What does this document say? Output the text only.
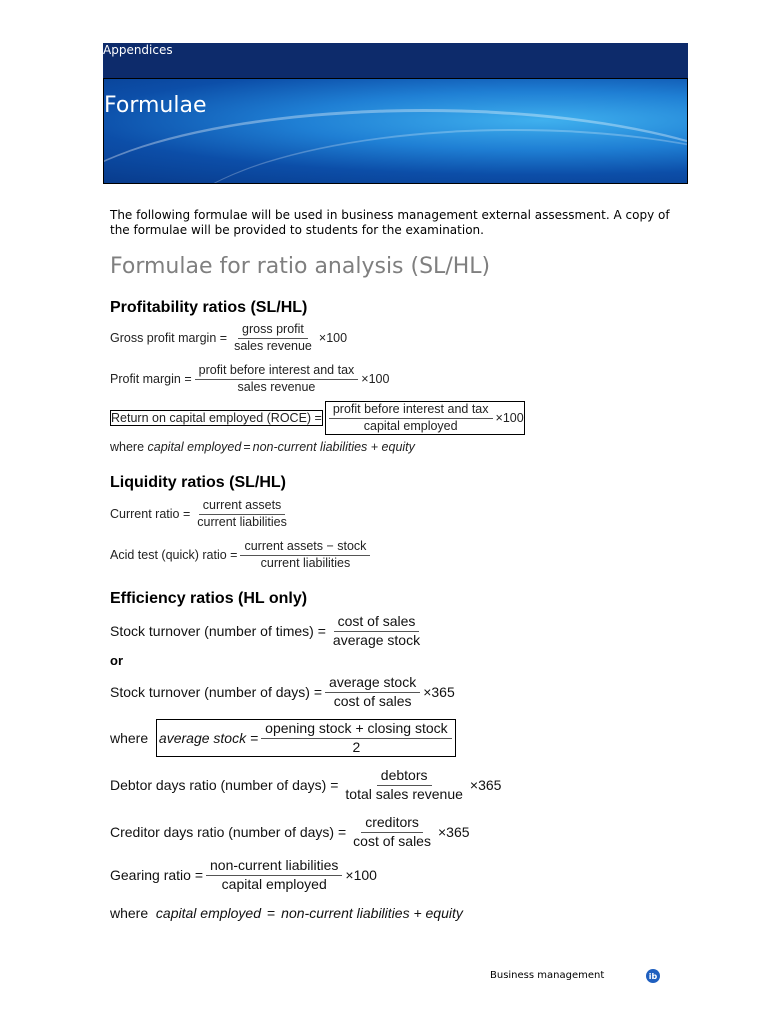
Appendices
Formulae
The following formulae will be used in business management external assessment. A copy of the formulae will be provided to students for the examination.
Formulae for ratio analysis (SL/HL)
Profitability ratios (SL/HL)
Gross profit margin = $\frac{\text{gross profit}}{\text{sales revenue}} \times 100$
Profit margin = $\frac{\text{profit before interest and tax}}{\text{sales revenue}} \times 100$
Return on capital employed (ROCE) = $\frac{\text{profit before interest and tax}}{\text{capital employed}} \times 100$
where
capital employed = non-current liabilities + equity
Liquidity ratios (SL/HL)
Current ratio = $\frac{\text{current assets}}{\text{current liabilities}}$
Acid test (quick) ratio = $\frac{\text{current assets − stock}}{\text{current liabilities}}$
Efficiency ratios (HL only)
Stock turnover (number of times) = $\frac{\text{cost of sales}}{\text{average stock}}$
or
Stock turnover (number of days) = $\frac{\text{average stock}}{\text{cost of sales}} \times 365$
where
average stock = $\frac{\text{opening stock + closing stock}}{2}$
Debtor days ratio (number of days) = $\frac{\text{debtors}}{\text{total sales revenue}} \times 365$
Creditor days ratio (number of days) = $\frac{\text{creditors}}{\text{cost of sales}} \times 365$
Gearing ratio = $\frac{\text{non-current liabilities}}{\text{capital employed}} \times 100$
where
capital employed = non-current liabilities + equity
Business management	ib
